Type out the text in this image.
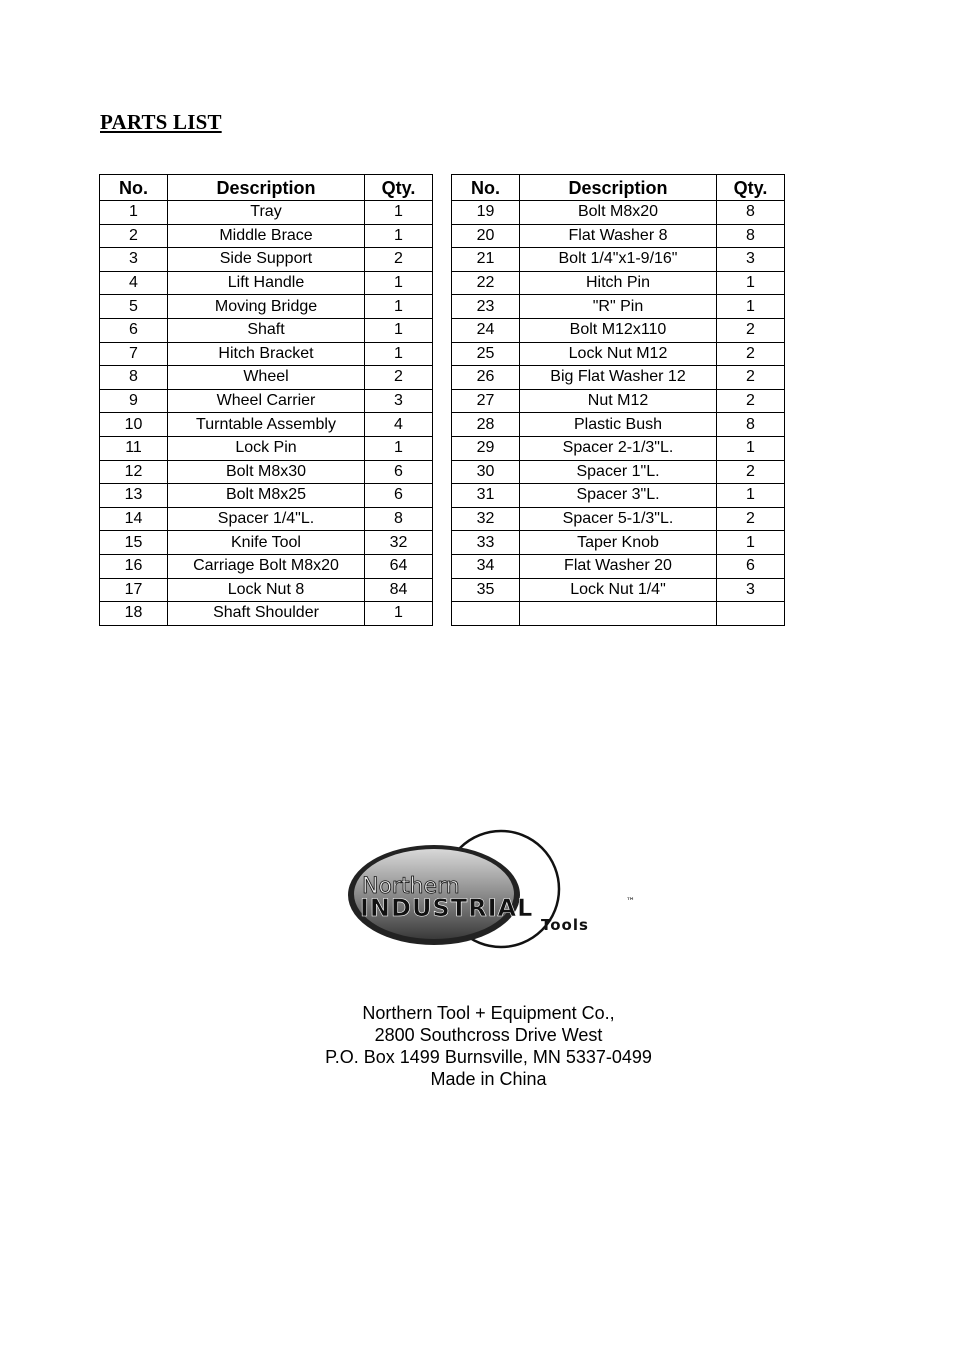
PARTS LIST
No.	Description	Qty.
1	Tray	1
2	Middle Brace	1
3	Side Support	2
4	Lift Handle	1
5	Moving Bridge	1
6	Shaft	1
7	Hitch Bracket	1
8	Wheel	2
9	Wheel Carrier	3
10	Turntable Assembly	4
11	Lock Pin	1
12	Bolt M8x30	6
13	Bolt M8x25	6
14	Spacer 1/4"L.	8
15	Knife Tool	32
16	Carriage Bolt M8x20	64
17	Lock Nut 8	84
18	Shaft Shoulder	1
No.	Description	Qty.
19	Bolt M8x20	8
20	Flat Washer 8	8
21	Bolt 1/4"x1-9/16"	3
22	Hitch Pin	1
23	"R" Pin	1
24	Bolt M12x110	2
25	Lock Nut M12	2
26	Big Flat Washer 12	2
27	Nut M12	2
28	Plastic Bush	8
29	Spacer 2-1/3"L.	1
30	Spacer 1"L.	2
31	Spacer 3"L.	1
32	Spacer 5-1/3"L.	2
33	Taper Knob	1
34	Flat Washer 20	6
35	Lock Nut 1/4"	3

Northern
INDUSTRIAL	™
Tools
Northern Tool + Equipment Co.,
2800 Southcross Drive West
P.O. Box 1499 Burnsville, MN 5337-0499
Made in China
